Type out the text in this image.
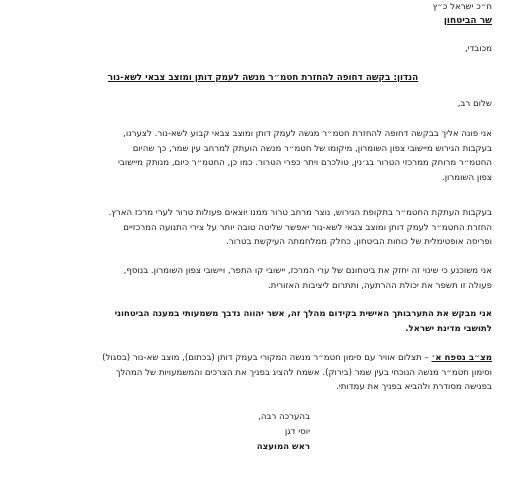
ח״כ ישראל כ״ץ
שר הביטחון
מכובדי,
הנדון: בקשה דחופה להחזרת חטמ״ר מנשה לעמק דותן ומוצב צבאי לשא-נור
שלום רב,
אני פונה אליך בבקשה דחופה להחזרת חטמ״ר מנשה לעמק דותן ומוצב צבאי קבוע לשא-נור. לצערנו,
בעקבות הגירוש מיישובי צפון השומרון, מיקומו של חטמ״ר מנשה הועתק למרחב עין שמר, כך שהיום
החטמ״ר מרוחק ממרכזי הטרור בג׳נין, טולכרם ויתר כפרי הטרור. כמו כן, החטמ״ר כיום, מנותק מיישובי
צפון השומרון.
בעקבות העתקת החטמ״ר בתקופת הגירוש, נוצר מרחב טרור ממנו יוצאים פעולות טרור לערי מרכז הארץ.
החזרת החטמ״ר לעמק דותן ומוצב צבאי לשא-נור יאפשר שליטה טובה יותר על צירי התנועה המרכזיים
ופריסה אופטימלית של כוחות הביטחון, כחלק ממלחמתה העיקשת בטרור.
אני משוכנע כי שינוי זה יחזק את ביטחונם של ערי המרכז, יישובי קו התפר, ויישובי צפון השומרון. בנוסף,
פעולה זו תשפר את יכולת ההרתעה, ותתרום ליציבות האזורית.
אני מבקש את התערבותך האישית בקידום מהלך זה, אשר יהווה נדבך משמעותי במענה הביטחוני
לתושבי מדינת ישראל.
מצ״ב נספח א׳ – תצלום אוויר עם סימון חטמ״ר מנשה המקורי בעמק דותן (בכתום), מוצב שא-נור (בסגול)
וסימון חטמ״ר מנשה הנוכחי בעין שמר (בירוק). אשמח להציג בפניך את הצרכים והמשמעויות של המהלך
בפגישה מסודרת ולהביא בפניך את עמדותי.
בהערכה רבה,
יוסי דגן
ראש המועצה
